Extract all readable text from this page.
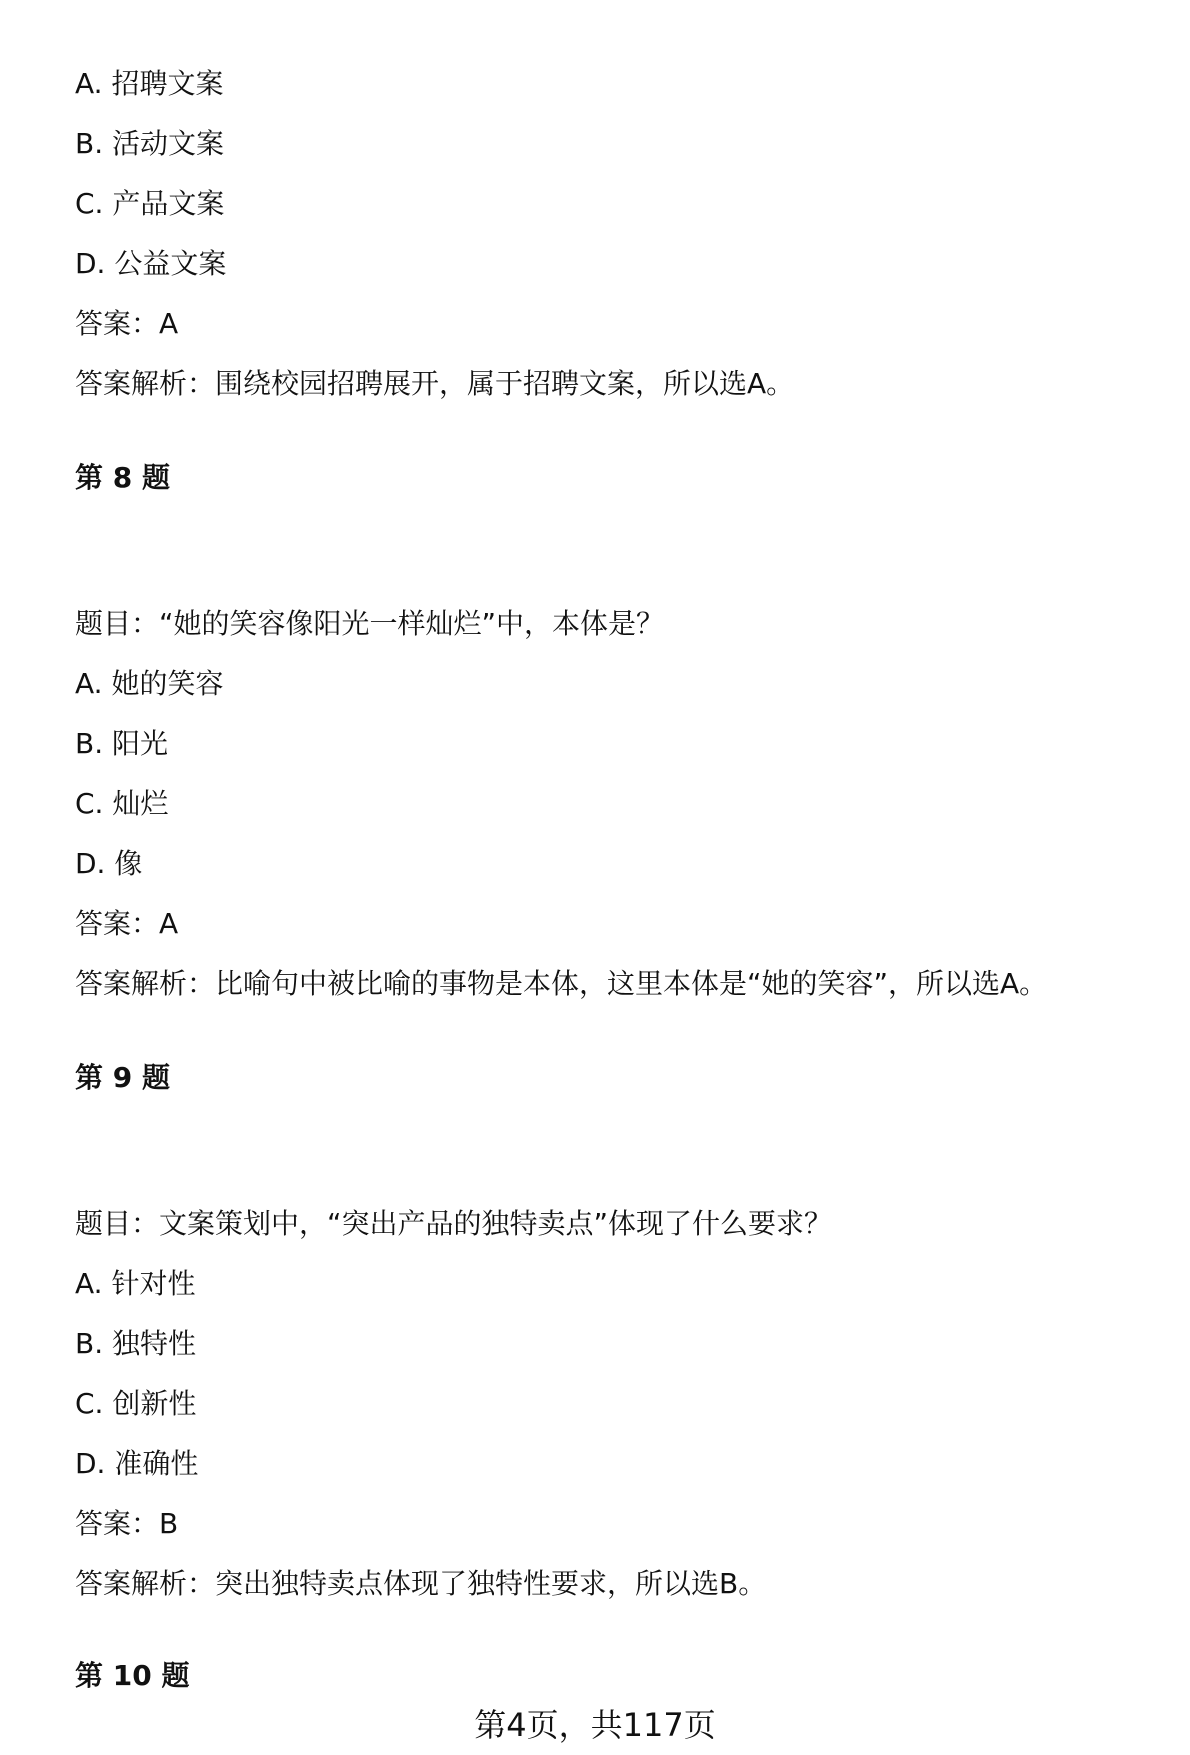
A. 招聘文案
B. 活动文案
C. 产品文案
D. 公益文案
答案：A
答案解析：围绕校园招聘展开，属于招聘文案，所以选A。
第 8 题
题目：“她的笑容像阳光一样灿烂”中，本体是？
A. 她的笑容
B. 阳光
C. 灿烂
D. 像
答案：A
答案解析：比喻句中被比喻的事物是本体，这里本体是“她的笑容”，所以选A。
第 9 题
题目：文案策划中，“突出产品的独特卖点”体现了什么要求？
A. 针对性
B. 独特性
C. 创新性
D. 准确性
答案：B
答案解析：突出独特卖点体现了独特性要求，所以选B。
第 10 题
第4页，共117页
